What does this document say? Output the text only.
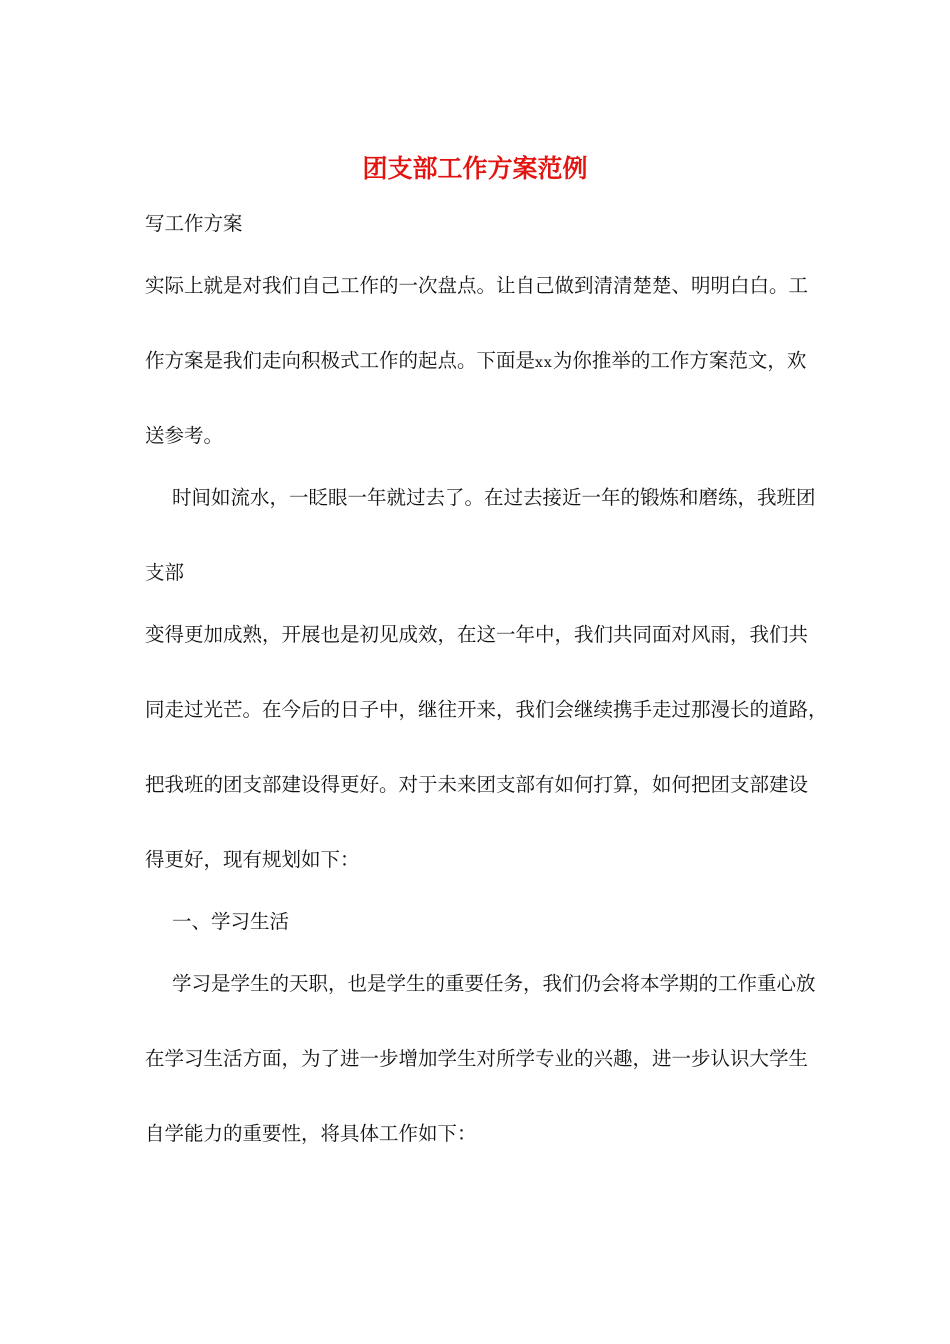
团支部工作方案范例
写工作方案
实际上就是对我们自己工作的一次盘点。让自己做到清清楚楚、明明白白。工
作方案是我们走向积极式工作的起点。下面是xx为你推举的工作方案范文，欢
送参考。
时间如流水，一眨眼一年就过去了。在过去接近一年的锻炼和磨练，我班团
支部
变得更加成熟，开展也是初见成效，在这一年中，我们共同面对风雨，我们共
同走过光芒。在今后的日子中，继往开来，我们会继续携手走过那漫长的道路，
把我班的团支部建设得更好。对于未来团支部有如何打算，如何把团支部建设
得更好，现有规划如下：
一、学习生活
学习是学生的天职，也是学生的重要任务，我们仍会将本学期的工作重心放
在学习生活方面，为了进一步增加学生对所学专业的兴趣，进一步认识大学生
自学能力的重要性，将具体工作如下：
